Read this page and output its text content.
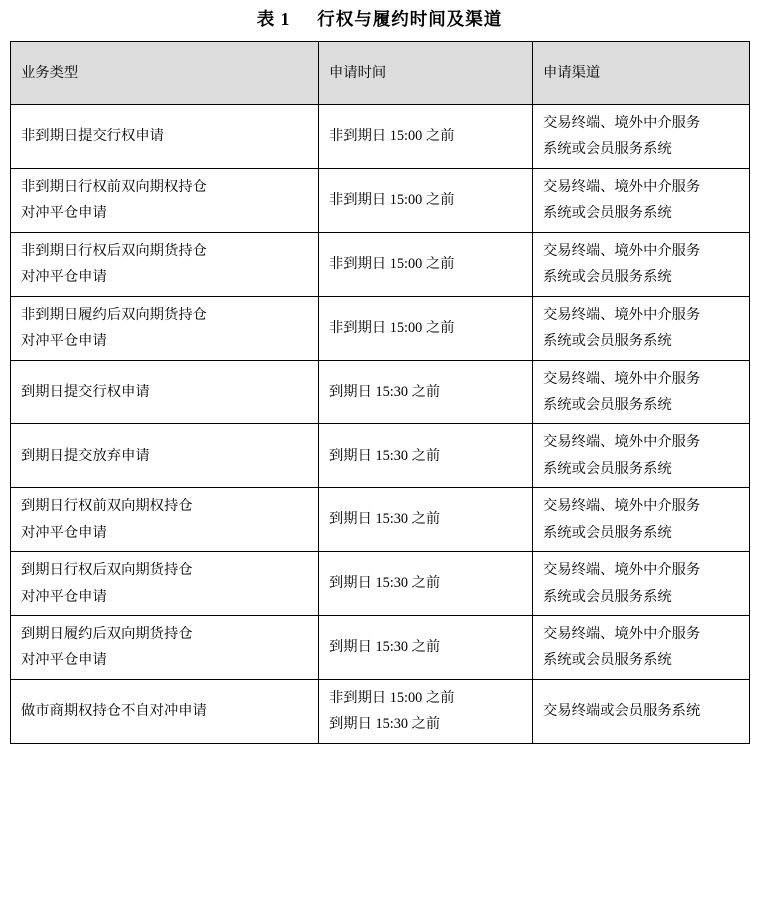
表 1 行权与履约时间及渠道
业务类型	申请时间	申请渠道

非到期日提交行权申请	非到期日 15:00 之前	交易终端、境外中介服务
系统或会员服务系统

非到期日行权前双向期权持仓
对冲平仓申请	非到期日 15:00 之前	交易终端、境外中介服务
系统或会员服务系统

非到期日行权后双向期货持仓
对冲平仓申请	非到期日 15:00 之前	交易终端、境外中介服务
系统或会员服务系统

非到期日履约后双向期货持仓
对冲平仓申请	非到期日 15:00 之前	交易终端、境外中介服务
系统或会员服务系统

到期日提交行权申请	到期日 15:30 之前	交易终端、境外中介服务
系统或会员服务系统

到期日提交放弃申请	到期日 15:30 之前	交易终端、境外中介服务
系统或会员服务系统

到期日行权前双向期权持仓
对冲平仓申请	到期日 15:30 之前	交易终端、境外中介服务
系统或会员服务系统

到期日行权后双向期货持仓
对冲平仓申请	到期日 15:30 之前	交易终端、境外中介服务
系统或会员服务系统

到期日履约后双向期货持仓
对冲平仓申请	到期日 15:30 之前	交易终端、境外中介服务
系统或会员服务系统

做市商期权持仓不自对冲申请	非到期日 15:00 之前
到期日 15:30 之前	交易终端或会员服务系统
